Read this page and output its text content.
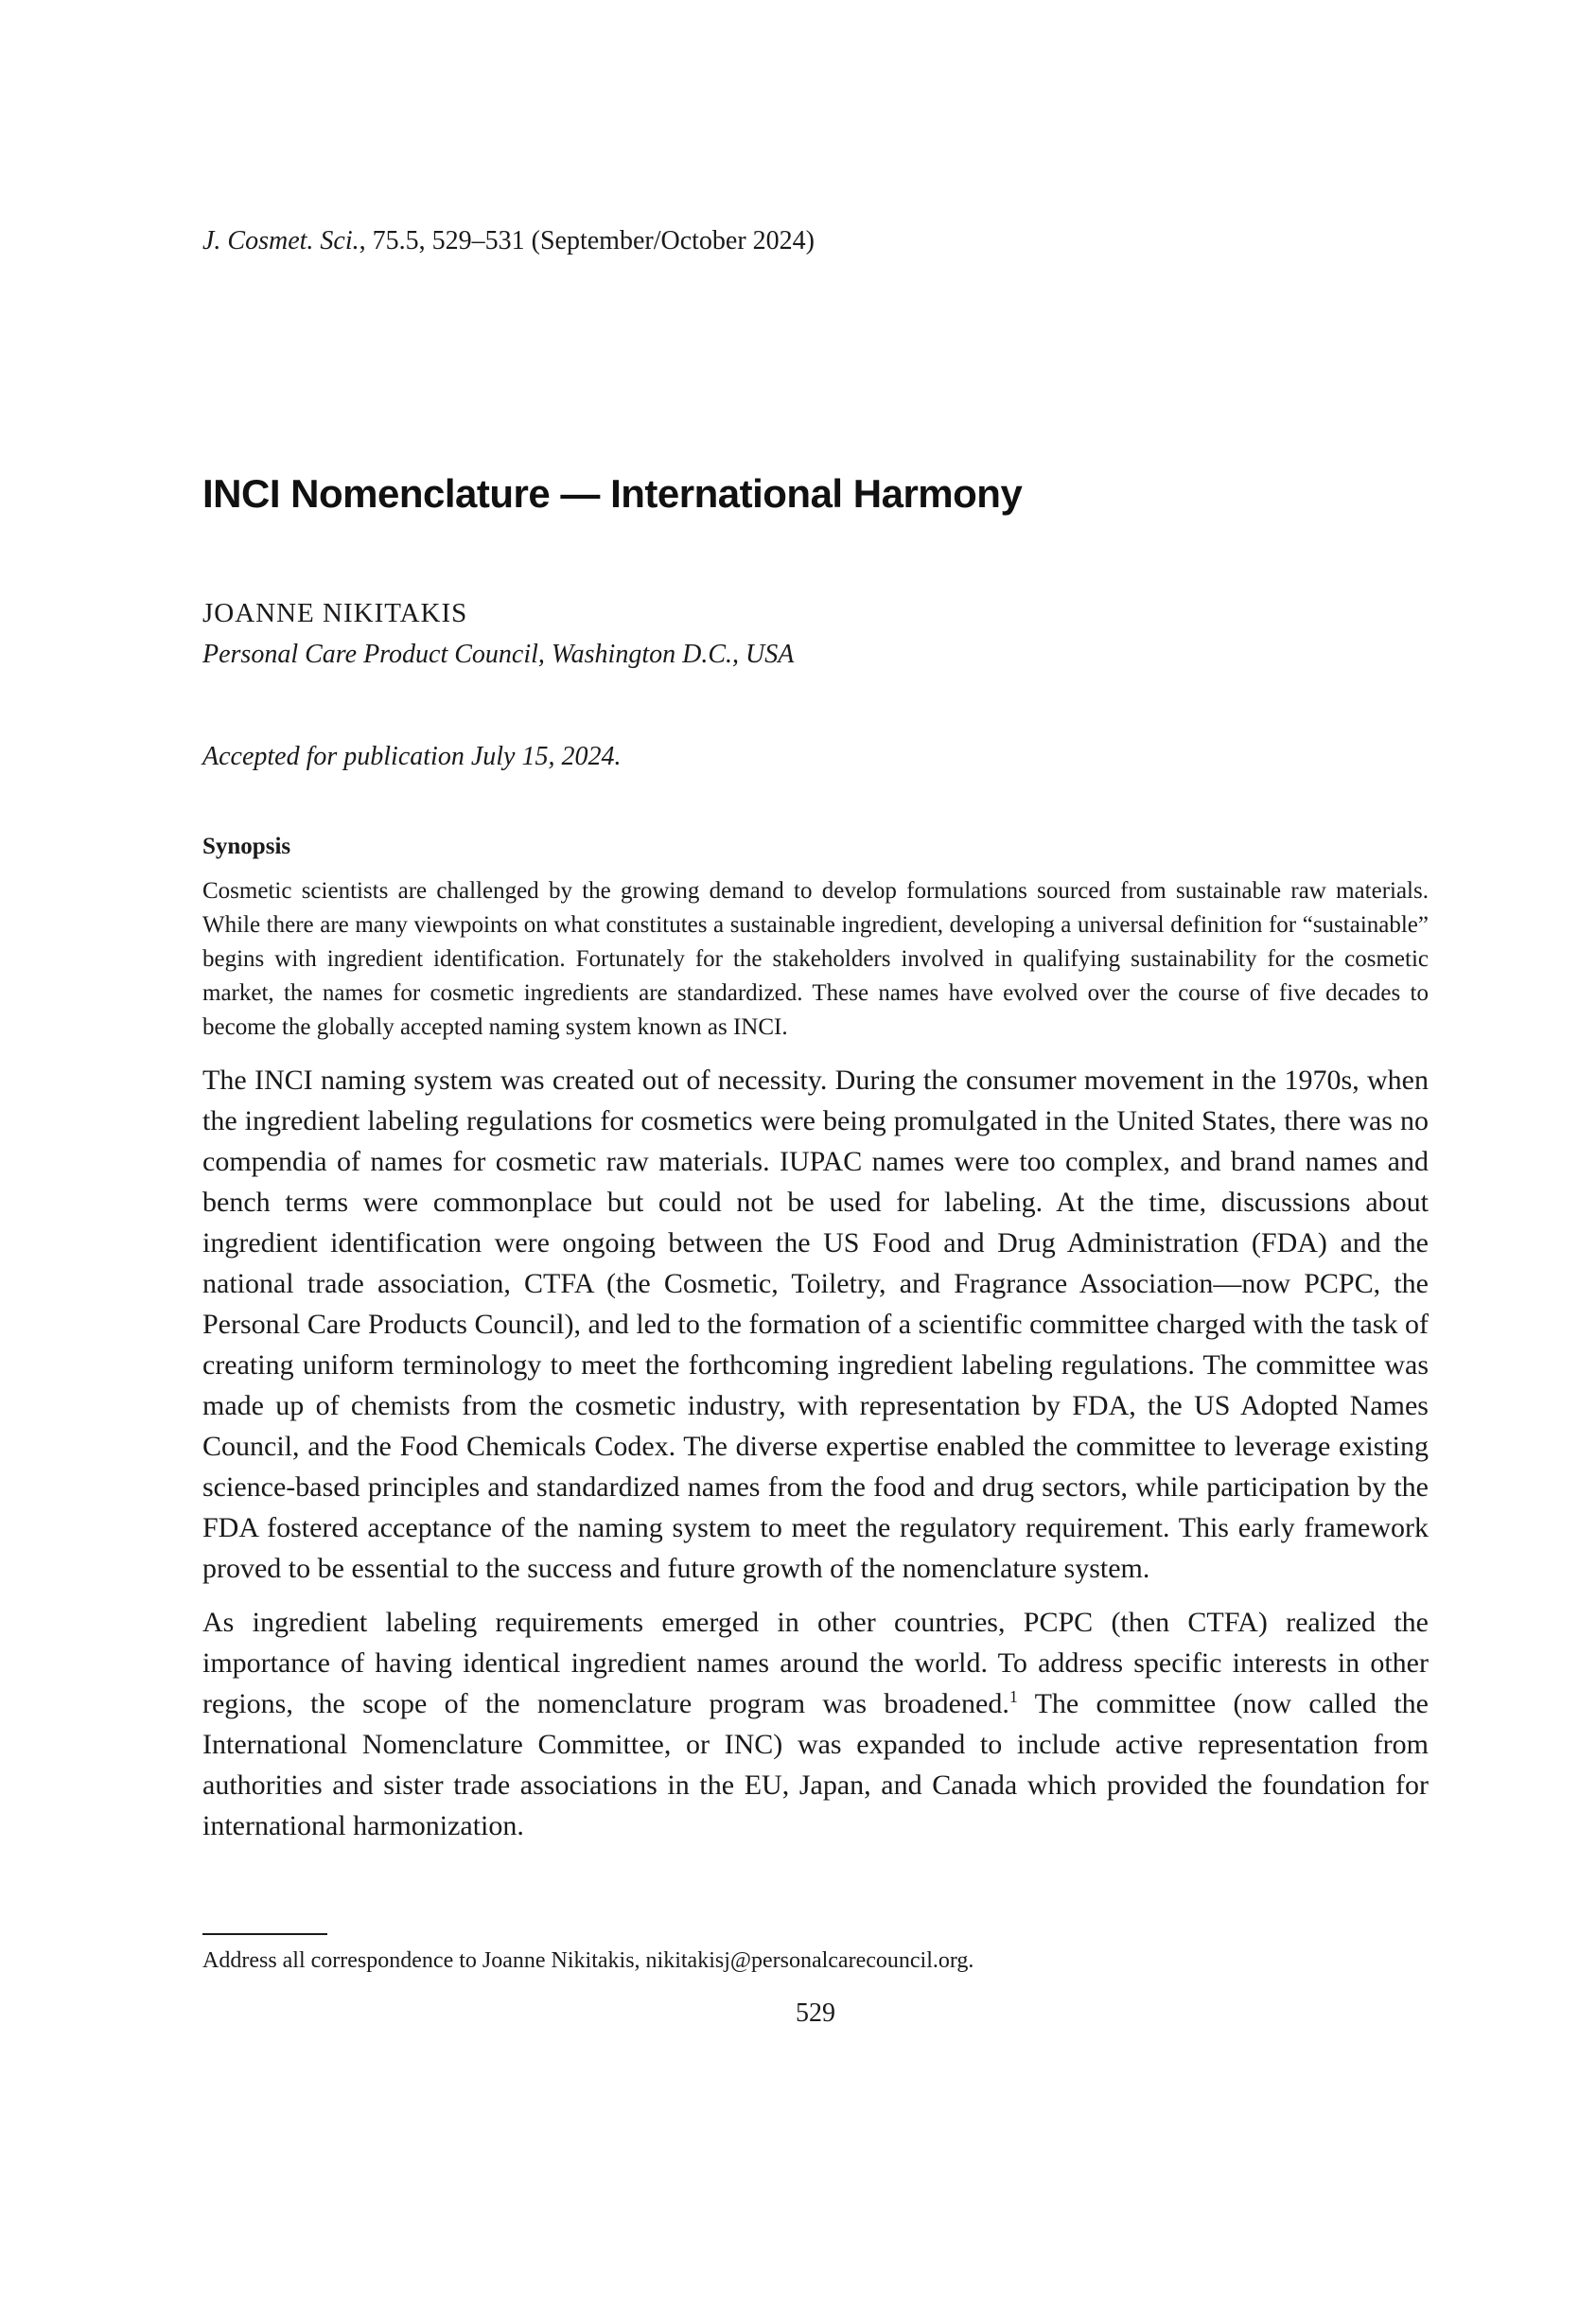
J. Cosmet. Sci., 75.5, 529–531 (September/October 2024)

INCI Nomenclature — International Harmony

JOANNE NIKITAKIS

Personal Care Product Council, Washington D.C., USA

Accepted for publication July 15, 2024.

Synopsis

Cosmetic scientists are challenged by the growing demand to develop formulations sourced from sustainable raw materials. While there are many viewpoints on what constitutes a sustainable ingredient, developing a universal definition for “sustainable” begins with ingredient identification. Fortunately for the stakeholders involved in qualifying sustainability for the cosmetic market, the names for cosmetic ingredients are standardized. These names have evolved over the course of five decades to become the globally accepted naming system known as INCI.

The INCI naming system was created out of necessity. During the consumer movement in the 1970s, when the ingredient labeling regulations for cosmetics were being promulgated in the United States, there was no compendia of names for cosmetic raw materials. IUPAC names were too complex, and brand names and bench terms were commonplace but could not be used for labeling. At the time, discussions about ingredient identification were ongoing between the US Food and Drug Administration (FDA) and the national trade association, CTFA (the Cosmetic, Toiletry, and Fragrance Association—now PCPC, the Personal Care Products Council), and led to the formation of a scientific committee charged with the task of creating uniform terminology to meet the forthcoming ingredient labeling regulations. The committee was made up of chemists from the cosmetic industry, with representation by FDA, the US Adopted Names Council, and the Food Chemicals Codex. The diverse expertise enabled the committee to leverage existing science-based principles and standardized names from the food and drug sectors, while participation by the FDA fostered acceptance of the naming system to meet the regulatory requirement. This early framework proved to be essential to the success and future growth of the nomenclature system.

As ingredient labeling requirements emerged in other countries, PCPC (then CTFA) realized the importance of having identical ingredient names around the world. To address specific interests in other regions, the scope of the nomenclature program was broadened.$^1$ The committee (now called the International Nomenclature Committee, or INC) was expanded to include active representation from authorities and sister trade associations in the EU, Japan, and Canada which provided the foundation for international harmonization.

Address all correspondence to Joanne Nikitakis, nikitakisj@personalcarecouncil.org.

529
